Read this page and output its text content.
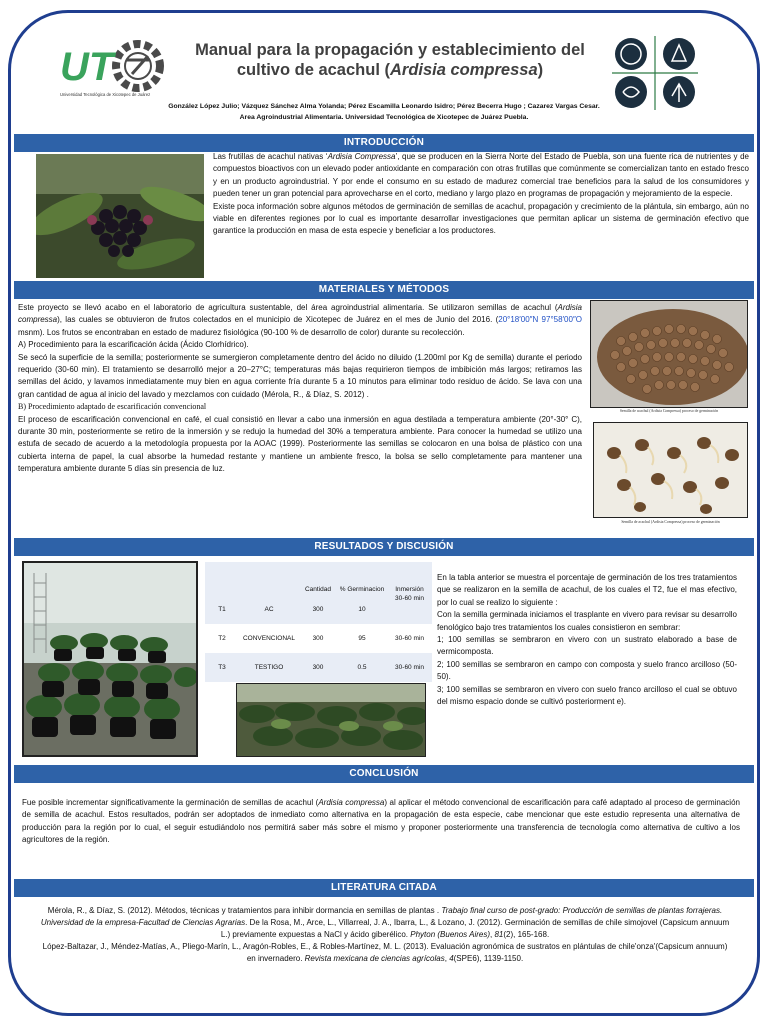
UT
Universidad Tecnológica de Xicotepec de Juárez
Manual para la propagación y establecimiento del
cultivo de acachul (Ardisia compressa)
González López Julio; Vázquez Sánchez Alma Yolanda; Pérez Escamilla Leonardo Isidro; Pérez Becerra Hugo ; Cazarez Vargas Cesar.
Area Agroindustrial Alimentaria. Universidad Tecnológica de Xicotepec de Juárez Puebla.
INTRODUCCIÓN

Las frutillas de acachul nativas ‘Ardisia Compressa’, que se producen en la Sierra Norte del Estado de Puebla, son una fuente rica de nutrientes y de compuestos bioactivos con un elevado poder antioxidante en comparación con otras frutillas que comúnmente se comercializan tanto en estado fresco y en un producto agroindustrial. Y por ende el consumo en su estado de madurez comercial trae beneficios para la salud de los consumidores y pueden tener un gran potencial para aprovecharse en el corto, mediano y largo plazo en programas de propagación y mejoramiento de la especie.

Existe poca información sobre algunos métodos de germinación de semillas de acachul, propagación y crecimiento de la plántula, sin embargo, aún no viable en diferentes regiones por lo cual es importante desarrollar investigaciones que permitan aplicar un sistema de germinación efectivo que garantice la producción en masa de esta especie y beneficiar a los productores.

MATERIALES Y MÉTODOS

Este proyecto se llevó acabo en el laboratorio de agricultura sustentable, del área agroindustrial alimentaria. Se utilizaron semillas de acachul (Ardisia compressa), las cuales se obtuvieron de frutos colectados en el municipio de Xicotepec de Juárez en el mes de Junio del 2016. (20°18′00″N 97°58′00″O msnm). Los frutos se encontraban en estado de madurez fisiológica (90-100 % de desarrollo de color) durante su recolección.

A) Procedimiento para la escarificación ácida (Ácido Clorhídrico).

Se secó la superficie de la semilla; posteriormente se sumergieron completamente dentro del ácido no diluido (1.200ml por Kg de semilla) durante el periodo requerido (30-60 min). El tratamiento se desarrolló mejor a 20–27°C; temperaturas más bajas requirieron tiempos de imbibición más largos; retiramos las semillas del ácido, y lavamos inmediatamente muy bien en agua corriente fría durante 5 a 10 minutos para eliminar todo residuo de ácido. Se lava con una gran cantidad de agua al inicio del lavado y mezclamos con cuidado (Mérola, R., & Díaz, S. 2012) .

B) Procedimiento adaptado de escarificación convencional

El proceso de escarificación convencional en café, el cual consistió en llevar a cabo una inmersión en agua destilada a temperatura ambiente (20°-30° C), durante 30 min, posteriormente se retiro de la inmersión y se redujo la humedad del 30% a temperatura ambiente. Para conocer la humedad se utilizo una estufa de secado de acuerdo a la metodología propuesta por la AOAC (1999). Posteriormente las semillas se colocaron en una bolsa de plástico con una cubierta interna de papel, la cual absorbe la humedad restante y mantiene un ambiente fresco, la bolsa se sello completamente para mantener una temperatura ambiente durante 5 días sin presencia de luz.

Semilla de acachul (Ardisia Compressa) proceso de germinación
Semilla de acachul (Ardisia Compressa) proceso de germinación
RESULTADOS Y DISCUSIÓN
		Cantidad	% Germinacion	Inmersión
T1	AC	300	10	30-60 min
T2	CONVENCIONAL	300	95	30-60 min
T3	TESTIGO	300	0.5	30-60 min

En la tabla anterior se muestra el porcentaje de germinación de los tres tratamientos que se realizaron en la semilla de acachul, de los cuales el T2, fue el mas efectivo, por lo cual se realizo lo siguiente :

Con la semilla germinada iniciamos el trasplante en vivero para revisar su desarrollo fenológico bajo tres tratamientos los cuales consistieron en sembrar:

1; 100 semillas se sembraron en vivero con un sustrato elaborado a base de vermicomposta.

2; 100 semillas se sembraron en campo con composta y suelo franco arcilloso (50-50).

3; 100 semillas se sembraron en vivero con suelo franco arcilloso el cual se obtuvo del mismo espacio donde se cultivó posteriorment e).

CONCLUSIÓN

Fue posible incrementar significativamente la germinación de semillas de acachul (Ardisia compressa) al aplicar el método convencional de escarificación para café adaptado al proceso de germinación de semilla de acachul. Estos resultados, podrán ser adoptados de inmediato como alternativa en la propagación de esta especie, cabe mencionar que este estudio representa una alternativa de producción para la región por lo cual, el seguir estudiándolo nos permitirá saber más sobre el mismo y proponer posteriormente una transferencia de tecnología como alternativa de cultivo a los agricultores de la región.

LITERATURA CITADA

Mérola, R., & Díaz, S. (2012). Métodos, técnicas y tratamientos para inhibir dormancia en semillas de plantas . Trabajo final curso de post-grado: Producción de semillas de plantas forrajeras. Universidad de la empresa-Facultad de Ciencias Agrarias. De la Rosa, M., Arce, L., Villarreal, J. A., Ibarra, L., & Lozano, J. (2012). Germinación de semillas de chile simojovel (Capsicum annuum L.) previamente expuestas a NaCl y ácido giberélico. Phyton (Buenos Aires), 81(2), 165-168.

López-Baltazar, J., Méndez-Matías, A., Pliego-Marín, L., Aragón-Robles, E., & Robles-Martínez, M. L. (2013). Evaluación agronómica de sustratos en plántulas de chile'onza'(Capsicum annuum) en invernadero. Revista mexicana de ciencias agrícolas, 4(SPE6), 1139-1150.
